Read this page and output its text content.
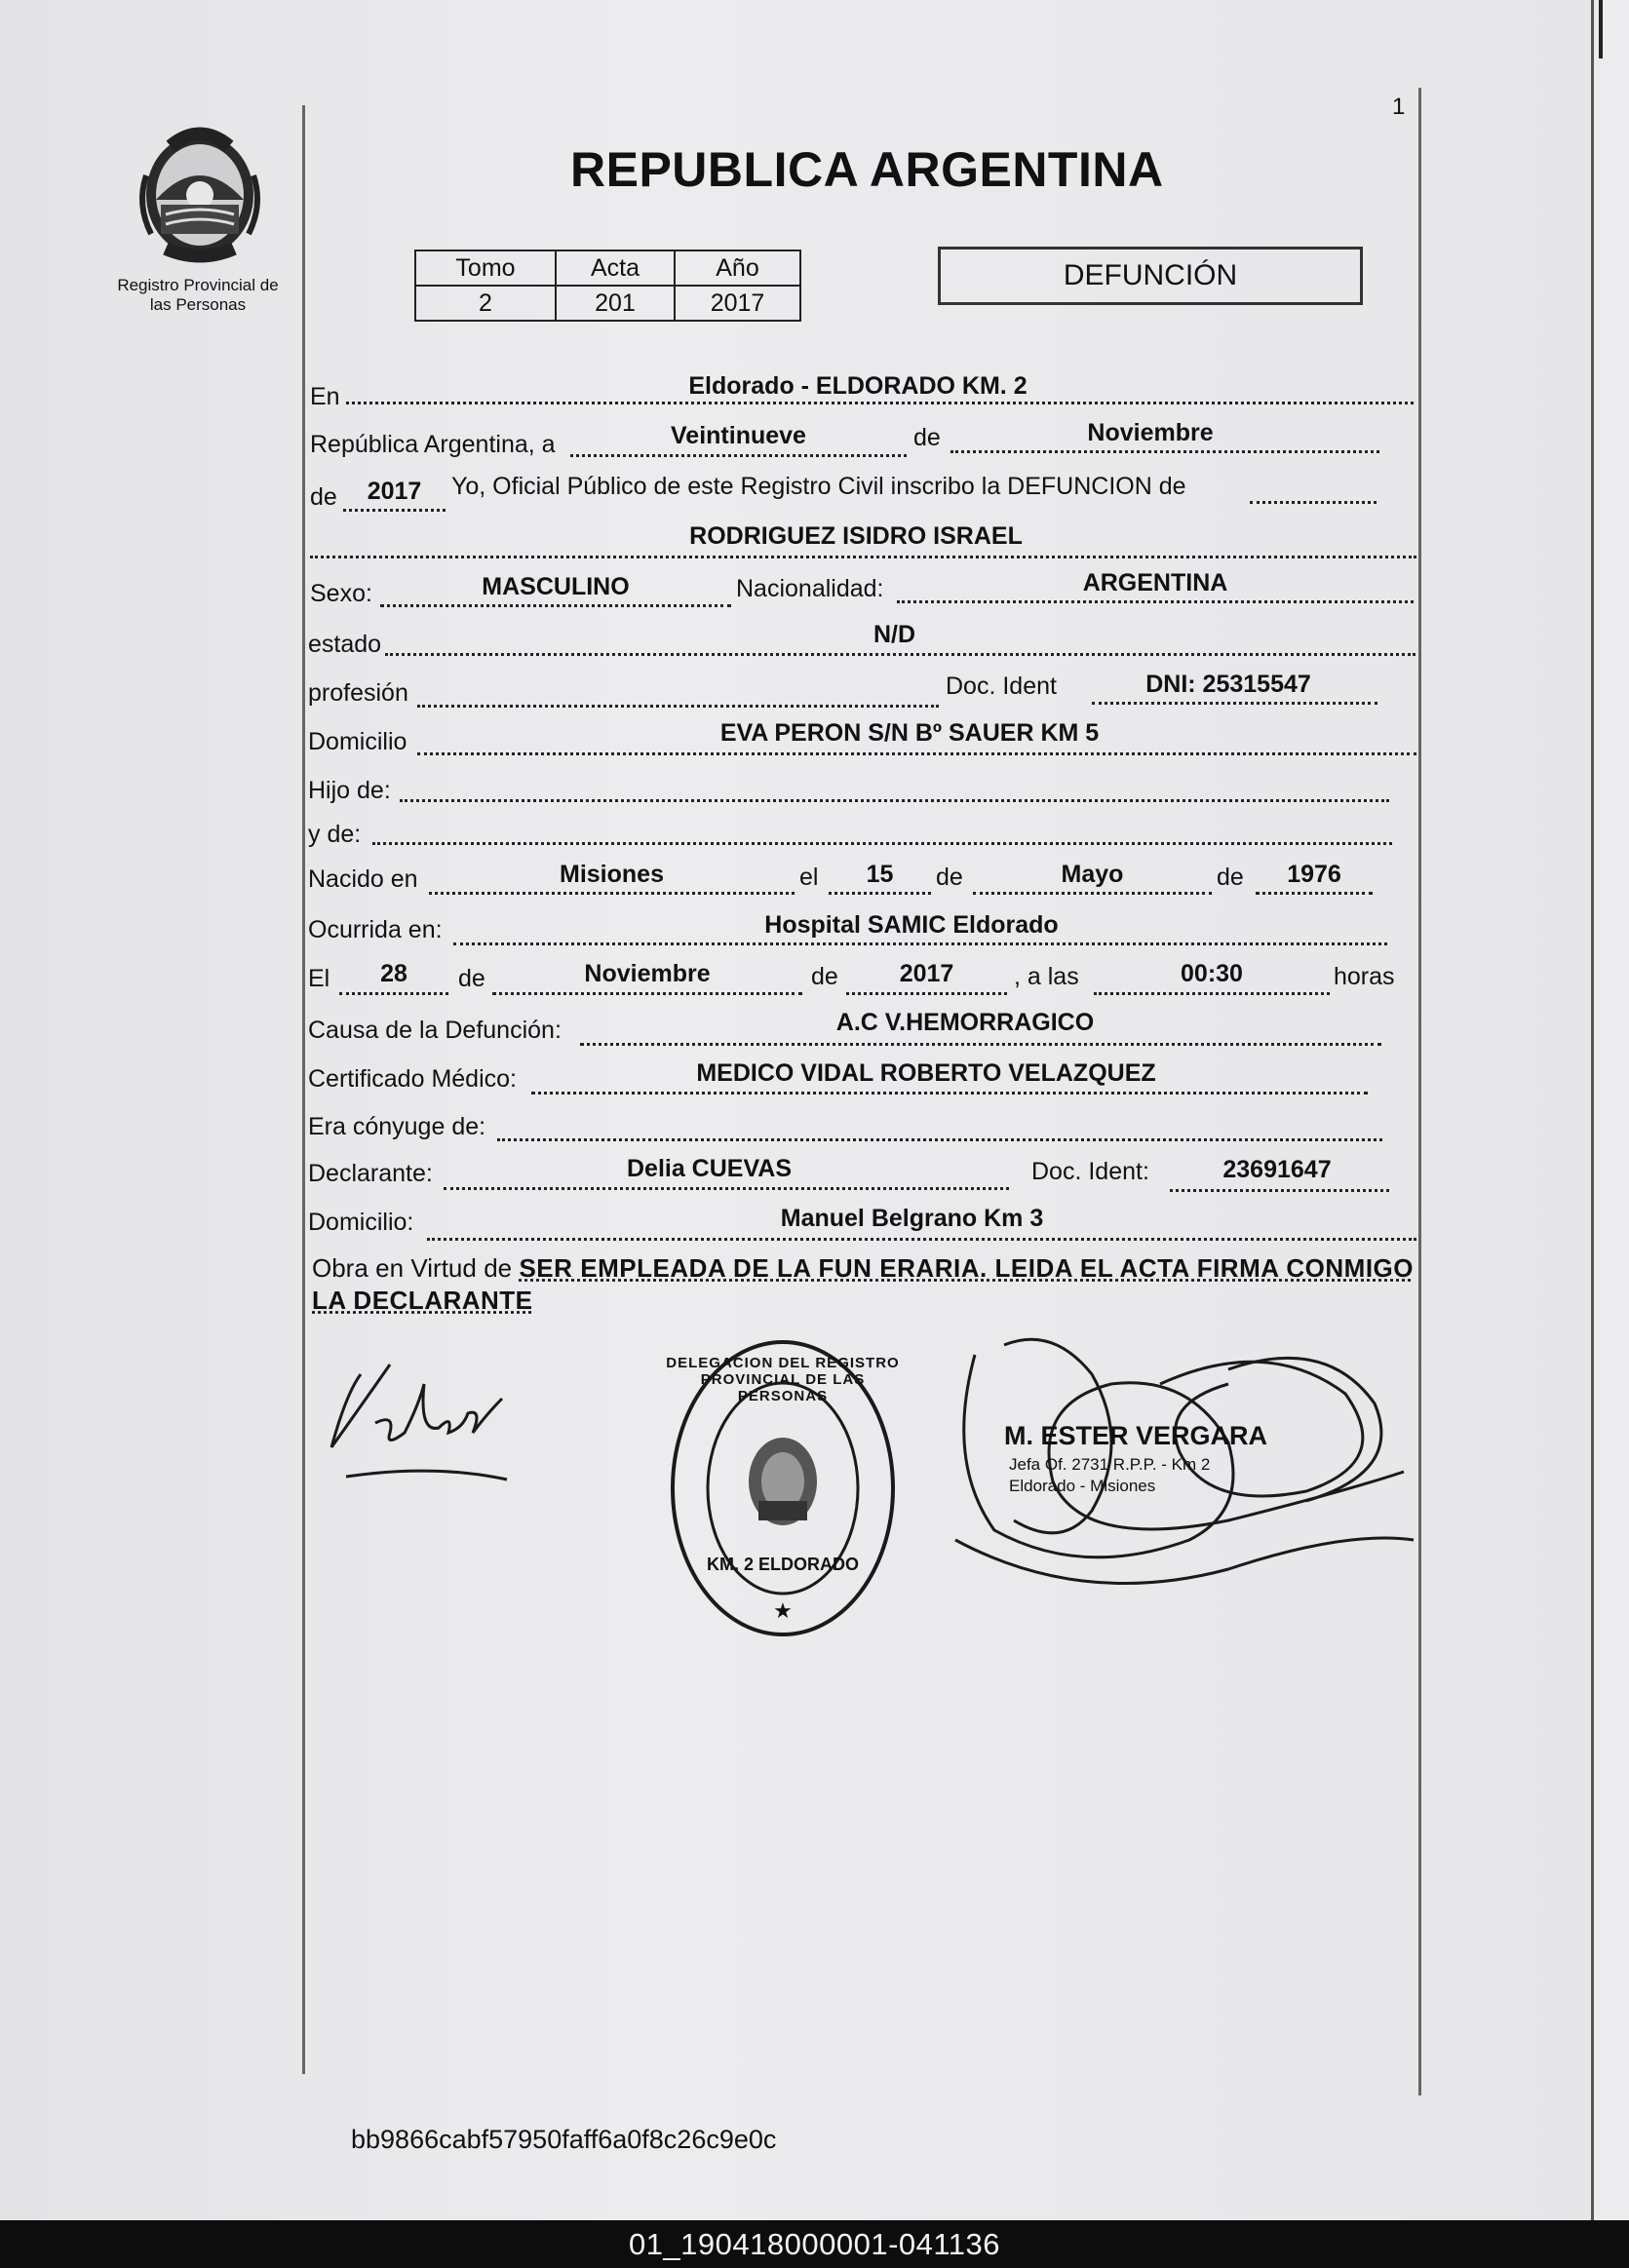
1
Registro Provincial de las Personas
REPUBLICA ARGENTINA
Tomo	Acta	Año
2	201	2017
DEFUNCIÓN
En	Eldorado - ELDORADO KM. 2
República Argentina, a	Veintinueve	de	Noviembre
de	2017	Yo, Oficial Público de este Registro Civil inscribo la DEFUNCION de
RODRIGUEZ ISIDRO ISRAEL
Sexo:	MASCULINO	Nacionalidad:	ARGENTINA
estado	N/D
profesión	Doc. Ident	DNI: 25315547
Domicilio	EVA PERON S/N Bº SAUER KM 5
Hijo de:
y de:
Nacido en	Misiones	el	15	de	Mayo	de	1976
Ocurrida en:	Hospital SAMIC Eldorado
El	28	de	Noviembre	de	2017	, a las	00:30	horas
Causa de la Defunción:	A.C V.HEMORRAGICO
Certificado Médico:	MEDICO VIDAL ROBERTO VELAZQUEZ
Era cónyuge de:
Declarante:	Delia CUEVAS	Doc. Ident:	23691647
Domicilio:	Manuel Belgrano Km 3
Obra en Virtud de SER EMPLEADA DE LA FUN ERARIA. LEIDA EL ACTA FIRMA CONMIGO LA DECLARANTE
★
DELEGACION DEL REGISTRO PROVINCIAL DE LAS PERSONAS
KM. 2 ELDORADO
M. ESTER VERGARA
Jefa Of. 2731 R.P.P. - Km 2
Eldorado - Misiones
bb9866cabf57950faff6a0f8c26c9e0c
01_190418000001-041136
